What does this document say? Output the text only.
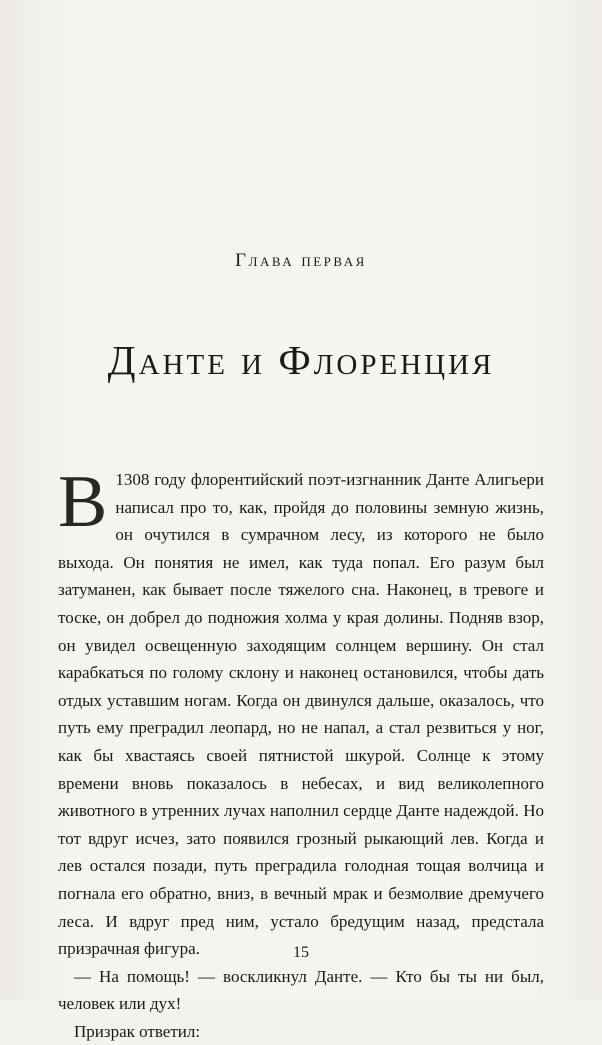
Глава первая
Данте и Флоренция

В 1308 году флорентийский поэт-изгнанник Данте Алигьери написал про то, как, пройдя до половины земную жизнь, он очутился в сумрачном лесу, из которого не было выхода. Он понятия не имел, как туда попал. Его разум был затуманен, как бывает после тяжелого сна. Наконец, в тревоге и тоске, он добрел до подножия холма у края долины. Подняв взор, он увидел освещенную заходящим солнцем вершину. Он стал карабкаться по голому склону и наконец остановился, чтобы дать отдых уставшим ногам. Когда он двинулся дальше, оказалось, что путь ему преградил леопард, но не напал, а стал резвиться у ног, как бы хвастаясь своей пятнистой шкурой. Солнце к этому времени вновь показалось в небесах, и вид великолепного животного в утренних лучах наполнил сердце Данте надеждой. Но тот вдруг исчез, зато появился грозный рыкающий лев. Когда и лев остался позади, путь преградила голодная тощая волчица и погнала его обратно, вниз, в вечный мрак и безмолвие дремучего леса. И вдруг пред ним, устало бредущим назад, предстала призрачная фигура.

— На помощь! — воскликнул Данте. — Кто бы ты ни был, человек или дух!

Призрак ответил:

15
